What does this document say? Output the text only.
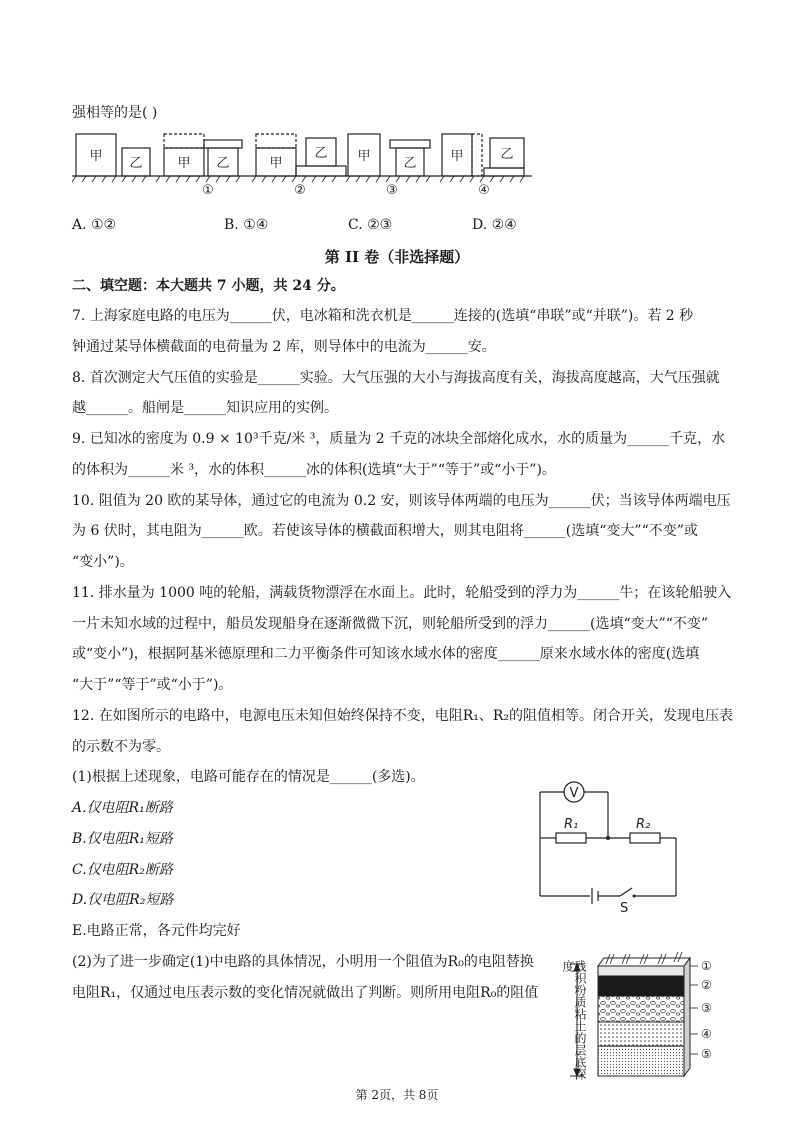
强相等的是( )
甲 乙	甲 乙	甲
乙 甲	乙	甲	乙
①	②	③	④
A. ①②	B. ①④	C. ②③	D. ②④
第 II 卷（非选择题）
二、填空题：本大题共 7 小题，共 24 分。
7. 上海家庭电路的电压为______伏，电冰箱和洗衣机是______连接的(选填“串联”或“并联”)。若 2 秒
钟通过某导体横截面的电荷量为 2 库，则导体中的电流为______安。
8. 首次测定大气压值的实验是______实验。大气压强的大小与海拔高度有关，海拔高度越高，大气压强就
越______。船闸是______知识应用的实例。
9. 已知冰的密度为 0.9 × 10³千克/米 ³，质量为 2 千克的冰块全部熔化成水，水的质量为______千克，水
的体积为______米 ³，水的体积______冰的体积(选填“大于”“等于”或“小于”)。
10. 阻值为 20 欧的某导体，通过它的电流为 0.2 安，则该导体两端的电压为______伏；当该导体两端电压
为 6 伏时，其电阻为______欧。若使该导体的横截面积增大，则其电阻将______(选填“变大”“不变”或
“变小”)。
11. 排水量为 1000 吨的轮船，满载货物漂浮在水面上。此时，轮船受到的浮力为______牛；在该轮船驶入
一片未知水域的过程中，船员发现船身在逐渐微微下沉，则轮船所受到的浮力______(选填“变大”“不变”
或“变小”)，根据阿基米德原理和二力平衡条件可知该水域水体的密度______原来水域水体的密度(选填
“大于”“等于”或“小于”)。
12. 在如图所示的电路中，电源电压未知但始终保持不变，电阻R₁、R₂的阻值相等。闭合开关，发现电压表
的示数不为零。
(1)根据上述现象，电路可能存在的情况是______(多选)。
A.仅电阻R₁断路
B.仅电阻R₁短路
C.仅电阻R₂断路
D.仅电阻R₂短路
E.电路正常，各元件均完好
(2)为了进一步确定(1)中电路的具体情况，小明用一个阻值为R₀的电阻替换
电阻R₁，仅通过电压表示数的变化情况就做出了判断。则所用电阻R₀的阻值
V
R₁	R₂
S
①
②
③
④
⑤
残积粉质粘土的层底深度
第 2页，共 8页
